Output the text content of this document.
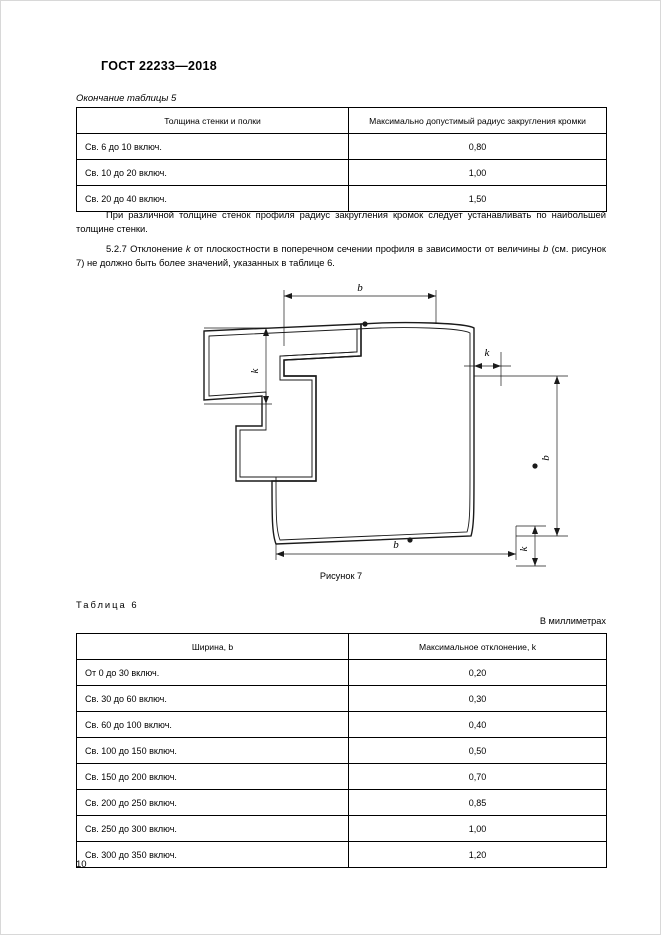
ГОСТ 22233—2018
Окончание таблицы 5
Толщина стенки и полки	Максимально допустимый радиус закругления кромки
Св. 6 до 10 включ.	0,80
Св. 10 до 20 включ.	1,00
Св. 20 до 40 включ.	1,50
При различной толщине стенок профиля радиус закругления кромок следует устанавливать по наибольшей толщине стенки.
5.2.7 Отклонение k от плоскостности в поперечном сечении профиля в зависимости от величины b (см. рисунок 7) не должно быть более значений, указанных в таблице 6.
b
k
k
b
b	k
Рисунок 7
Таблица 6
В миллиметрах
Ширина, b	Максимальное отклонение, k
От 0 до 30 включ.	0,20
Св. 30 до 60 включ.	0,30
Св. 60 до 100 включ.	0,40
Св. 100 до 150 включ.	0,50
Св. 150 до 200 включ.	0,70
Св. 200 до 250 включ.	0,85
Св. 250 до 300 включ.	1,00
Св. 300 до 350 включ.	1,20
10
